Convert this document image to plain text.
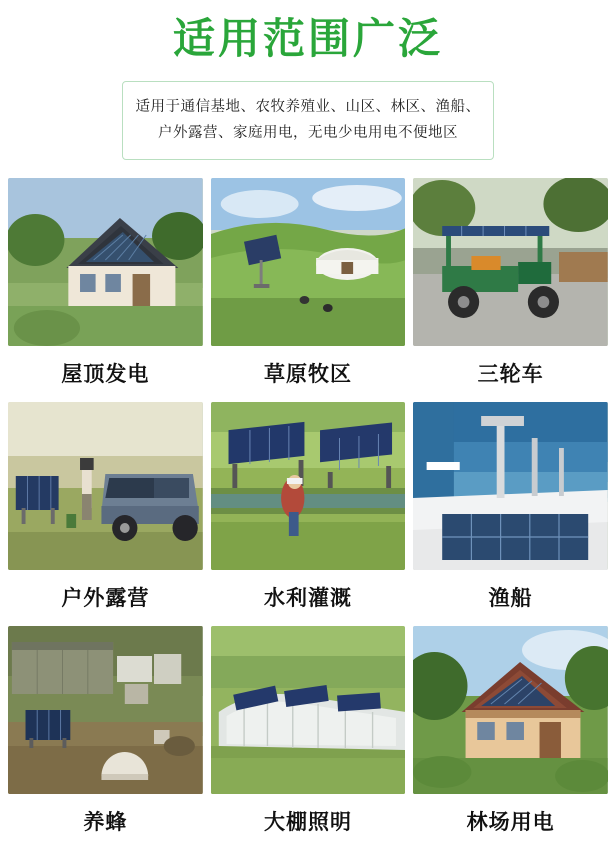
适用范围广泛
适用于通信基地、农牧养殖业、山区、林区、渔船、
户外露营、家庭用电，无电少电用电不便地区
屋顶发电	草原牧区	三轮车
户外露营	水利灌溉	渔船
养蜂	大棚照明	林场用电
